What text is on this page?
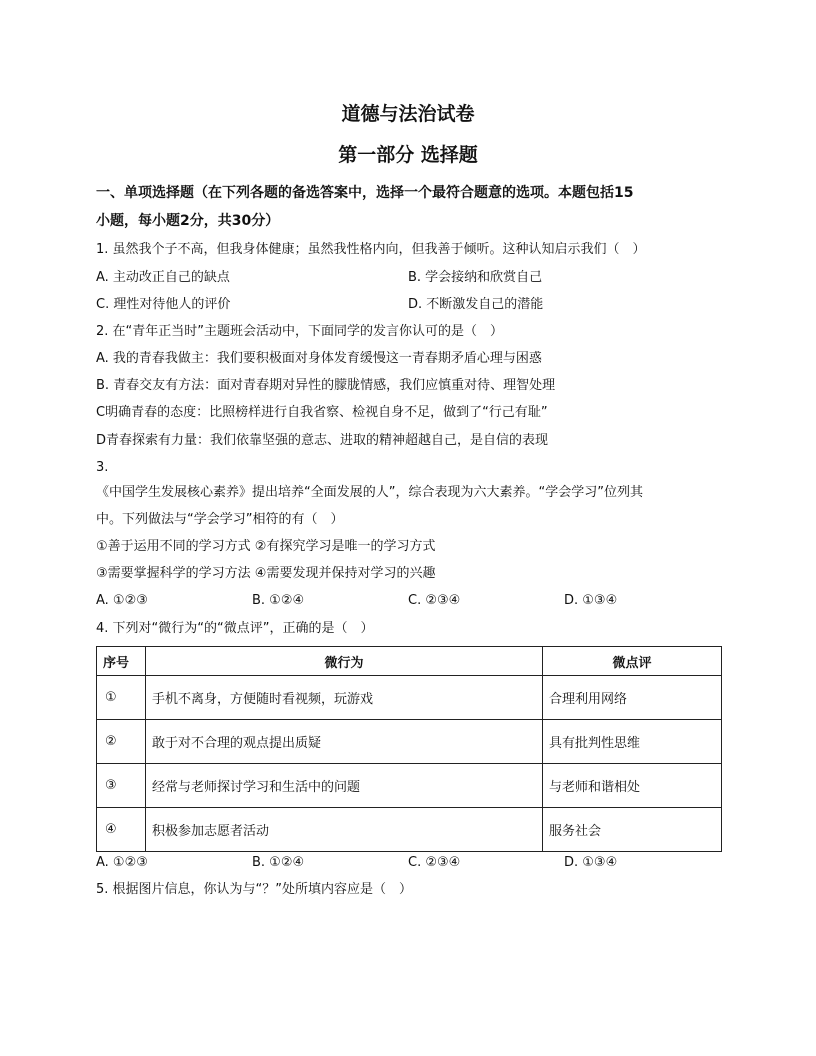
道德与法治试卷
第一部分 选择题
一、单项选择题（在下列各题的备选答案中，选择一个最符合题意的选项。本题包括15
小题，每小题2分，共30分）
1. 虽然我个子不高，但我身体健康；虽然我性格内向，但我善于倾听。这种认知启示我们（　）
A. 主动改正自己的缺点	B. 学会接纳和欣赏自己
C. 理性对待他人的评价	D. 不断激发自己的潜能
2. 在“青年正当时”主题班会活动中，下面同学的发言你认可的是（　）
A. 我的青春我做主：我们要积极面对身体发育缓慢这一青春期矛盾心理与困惑
B. 青春交友有方法：面对青春期对异性的朦胧情感，我们应慎重对待、理智处理
C明确青春的态度：比照榜样进行自我省察、检视自身不足，做到了“行己有耻”
D青春探索有力量：我们依靠坚强的意志、进取的精神超越自己，是自信的表现
3.
《中国学生发展核心素养》提出培养“全面发展的人”，综合表现为六大素养。“学会学习”位列其
中。下列做法与“学会学习”相符的有（　）
①善于运用不同的学习方式 ②有探究学习是唯一的学习方式
③需要掌握科学的学习方法 ④需要发现并保持对学习的兴趣
A. ①②③	B. ①②④	C. ②③④	D. ①③④
4. 下列对“微行为“的“微点评”，正确的是（　）
序号	微行为	微点评
①	手机不离身，方便随时看视频，玩游戏	合理利用网络
②	敢于对不合理的观点提出质疑	具有批判性思维
③	经常与老师探讨学习和生活中的问题	与老师和谐相处
④	积极参加志愿者活动	服务社会
A. ①②③	B. ①②④	C. ②③④	D. ①③④
5. 根据图片信息，你认为与“？”处所填内容应是（　）
